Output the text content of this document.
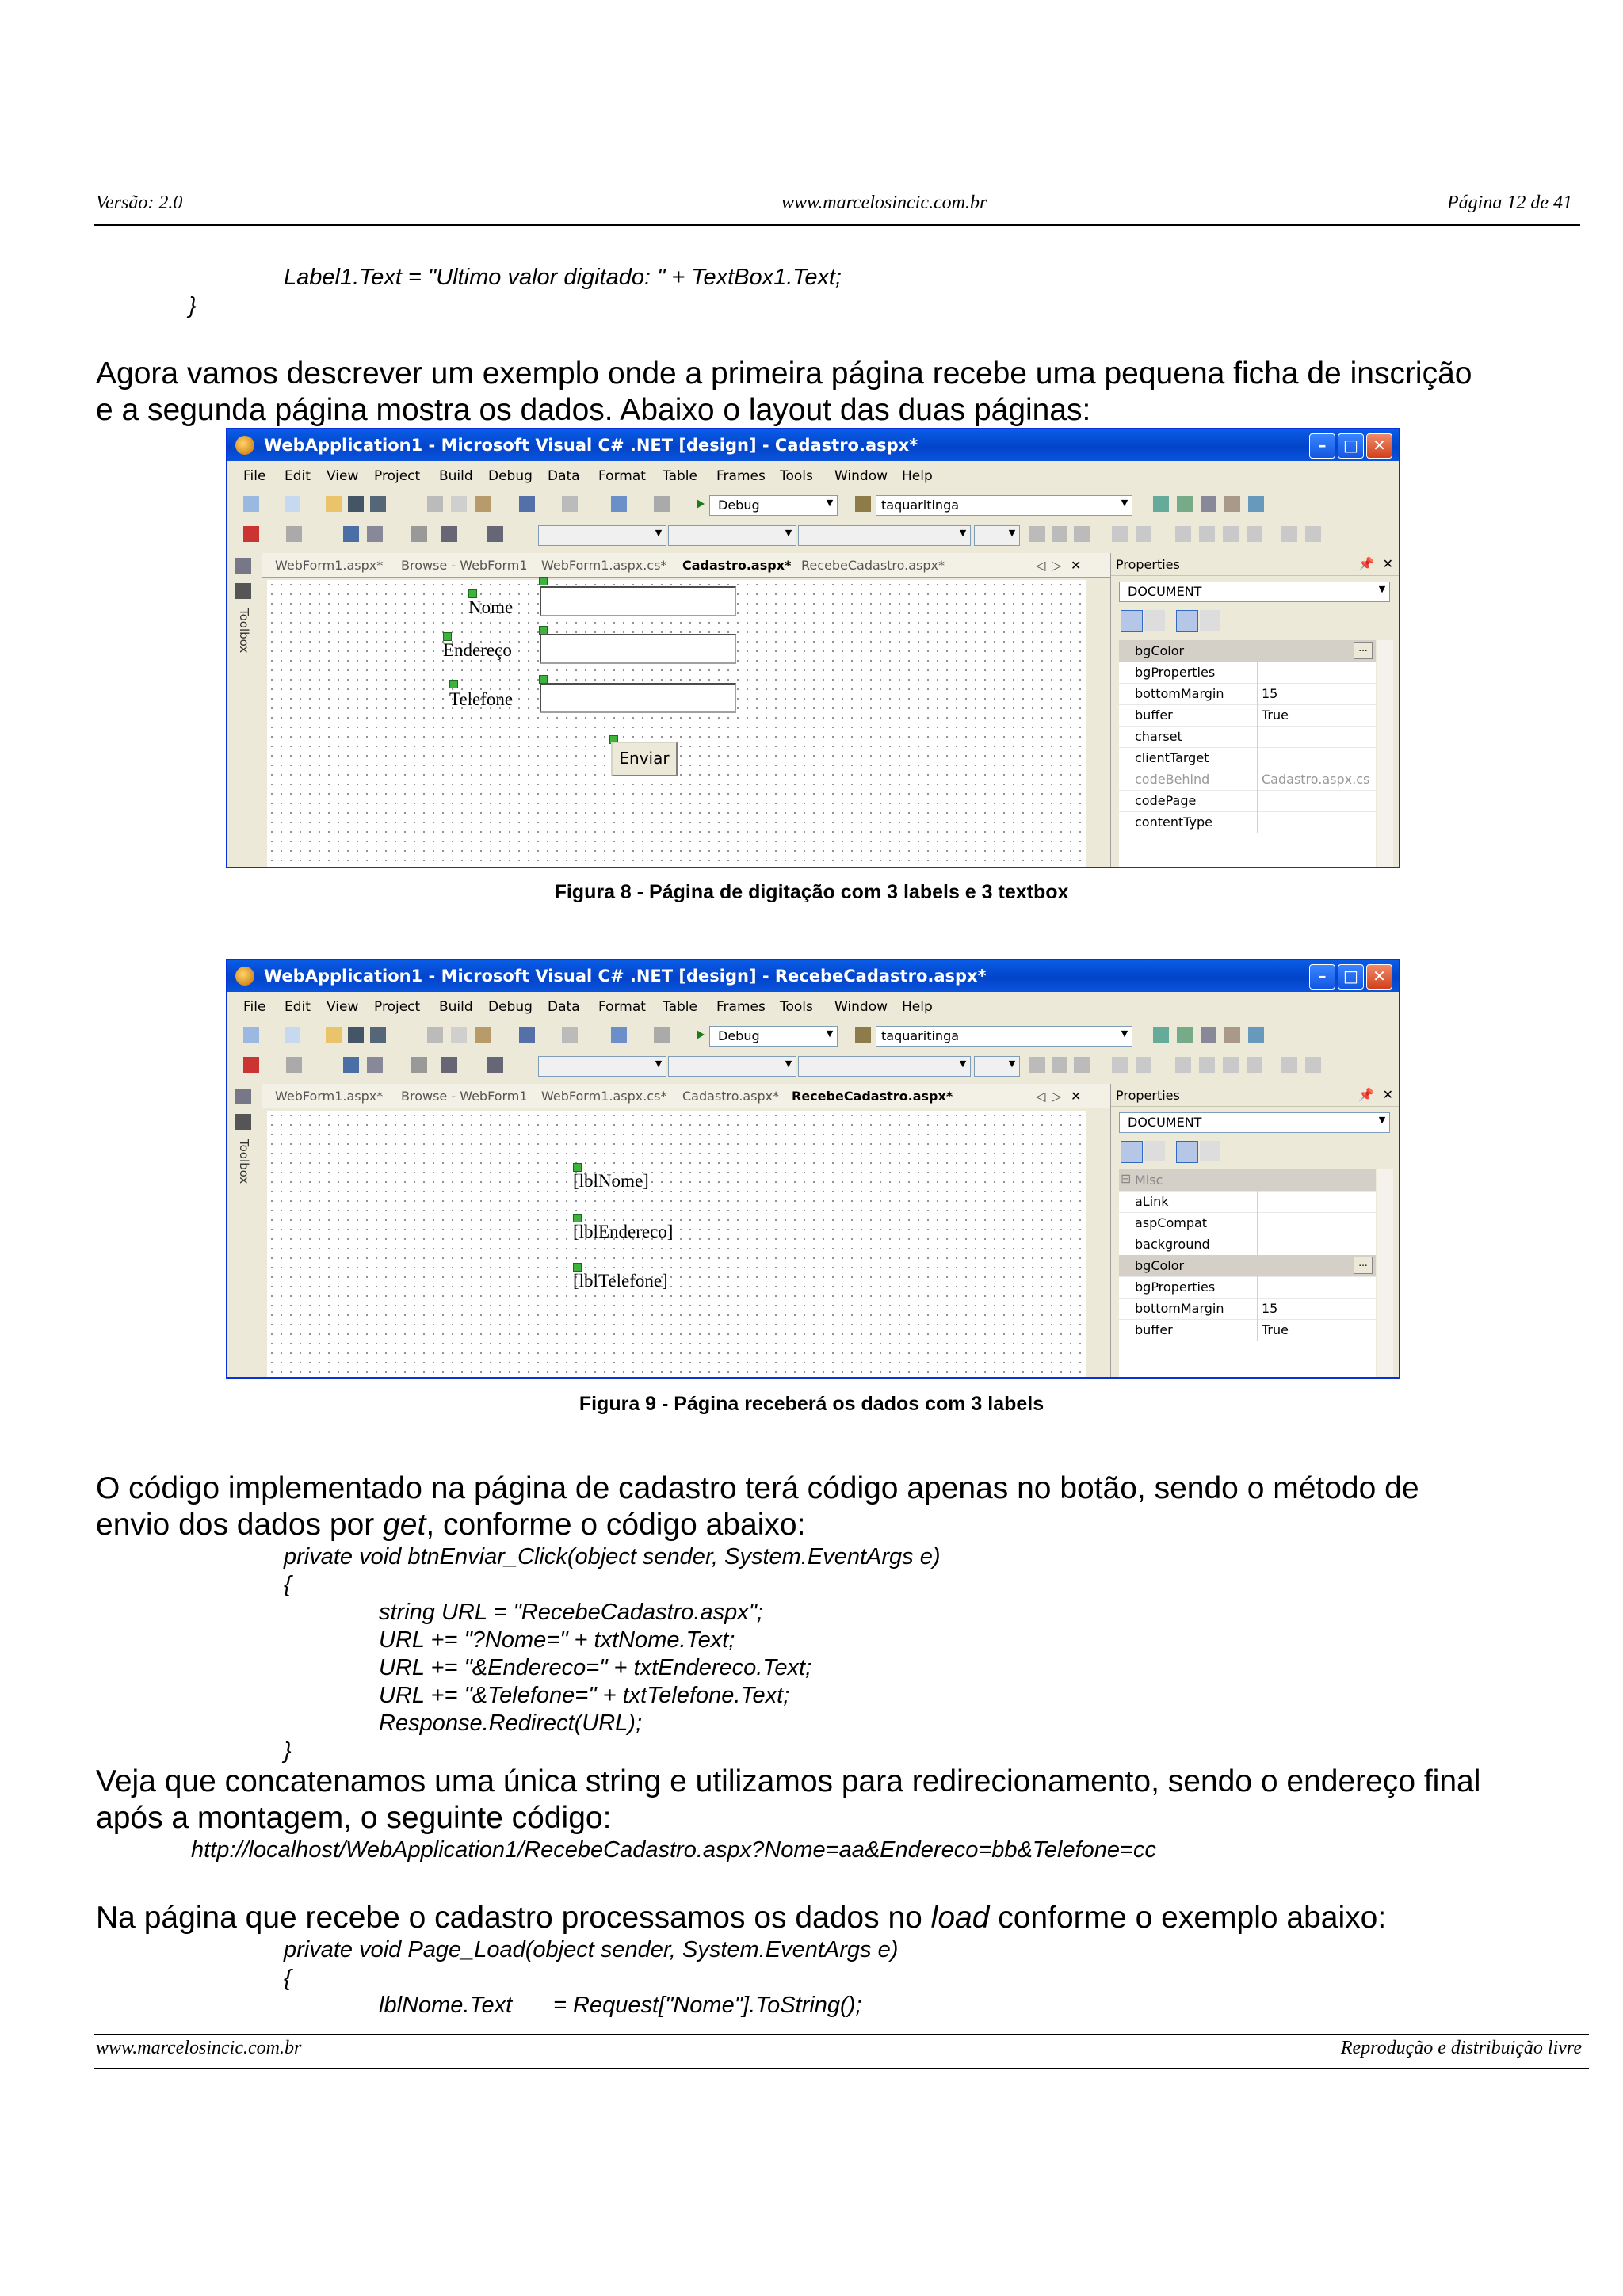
Versão: 2.0	www.marcelosincic.com.br	Página 12 de 41
Label1.Text = "Ultimo valor digitado: " + TextBox1.Text;
}
Agora vamos descrever um exemplo onde a primeira página recebe uma pequena ficha de inscrição
e a segunda página mostra os dados. Abaixo o layout das duas páginas:
WebApplication1 - Microsoft Visual C# .NET [design] - Cadastro.aspx*	–	□ ✕
File Edit View Project Build Debug Data Format Table Frames Tools Window Help
Debug	▼	taquaritinga	▼
▼	▼	▼	▼
Toolbox
WebForm1.aspx* Browse - WebForm1 WebForm1.aspx.cs* Cadastro.aspx* RecebeCadastro.aspx*	◁ ▷ ✕
Nome
Endereço
Telefone
Enviar
Properties	📌 ✕
DOCUMENT	▼
bgColor	...
bgProperties
bottomMargin	15
buffer	True
charset
clientTarget
codeBehind	Cadastro.aspx.cs
codePage
contentType
Figura 8 - Página de digitação com 3 labels e 3 textbox
WebApplication1 - Microsoft Visual C# .NET [design] - RecebeCadastro.aspx*	–	□ ✕
File Edit View Project Build Debug Data Format Table Frames Tools Window Help
Debug	▼	taquaritinga	▼
▼	▼	▼	▼
Toolbox
WebForm1.aspx* Browse - WebForm1 WebForm1.aspx.cs* Cadastro.aspx* RecebeCadastro.aspx*	◁ ▷ ✕
[lblNome]
[lblEndereco]
[lblTelefone]
Properties	📌 ✕
DOCUMENT	▼
⊟ Misc
aLink
aspCompat
background
bgColor	...
bgProperties
bottomMargin	15
buffer	True
Figura 9 - Página receberá os dados com 3 labels
O código implementado na página de cadastro terá código apenas no botão, sendo o método de
envio dos dados por get, conforme o código abaixo:
private void btnEnviar_Click(object sender, System.EventArgs e)
{
string URL = "RecebeCadastro.aspx";
URL += "?Nome=" + txtNome.Text;
URL += "&Endereco=" + txtEndereco.Text;
URL += "&Telefone=" + txtTelefone.Text;
Response.Redirect(URL);
}
Veja que concatenamos uma única string e utilizamos para redirecionamento, sendo o endereço final
após a montagem, o seguinte código:
http://localhost/WebApplication1/RecebeCadastro.aspx?Nome=aa&Endereco=bb&Telefone=cc
Na página que recebe o cadastro processamos os dados no load conforme o exemplo abaixo:
private void Page_Load(object sender, System.EventArgs e)
{
lblNome.Text = Request["Nome"].ToString();
www.marcelosincic.com.br	Reprodução e distribuição livre
